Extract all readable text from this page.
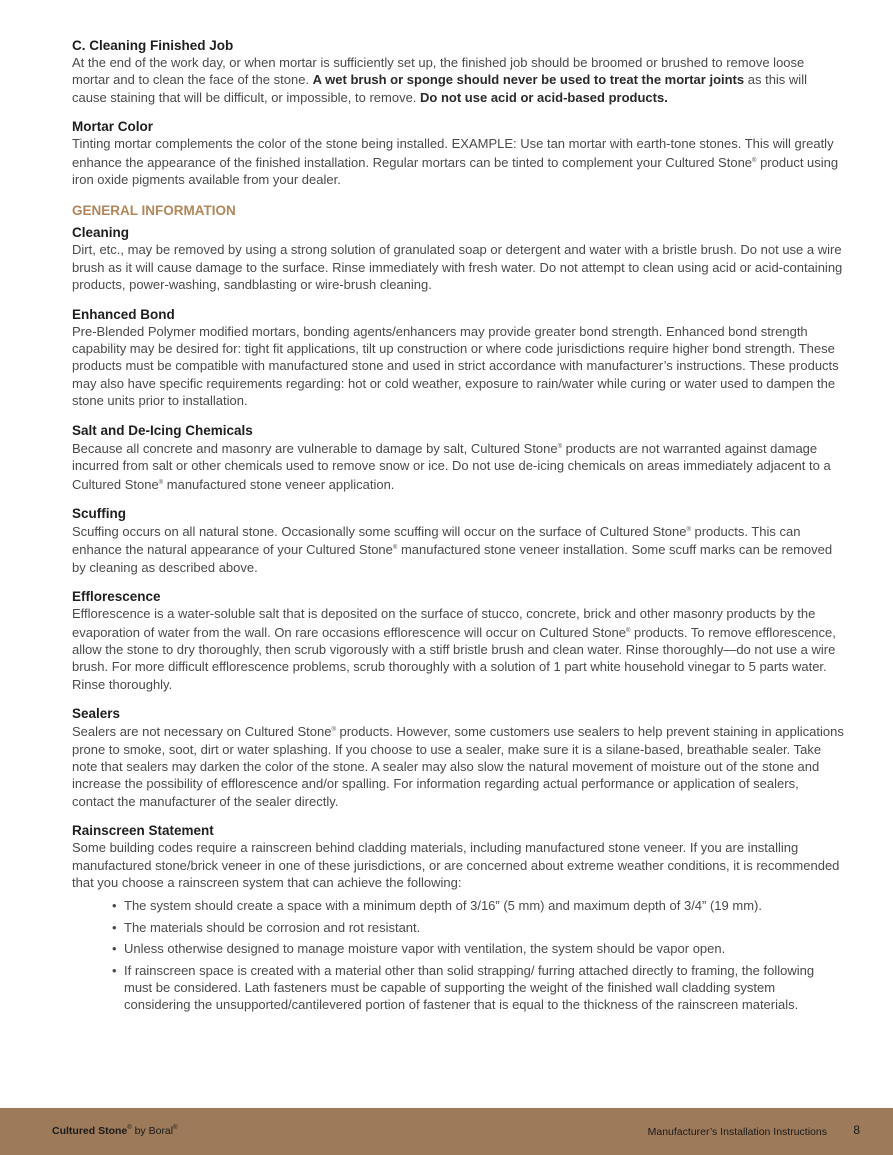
C. Cleaning Finished Job
At the end of the work day, or when mortar is sufficiently set up, the finished job should be broomed or brushed to remove loose mortar and to clean the face of the stone. A wet brush or sponge should never be used to treat the mortar joints as this will cause staining that will be difficult, or impossible, to remove. Do not use acid or acid-based products.
Mortar Color
Tinting mortar complements the color of the stone being installed. EXAMPLE: Use tan mortar with earth-tone stones. This will greatly enhance the appearance of the finished installation. Regular mortars can be tinted to complement your Cultured Stone® product using iron oxide pigments available from your dealer.
GENERAL INFORMATION
Cleaning
Dirt, etc., may be removed by using a strong solution of granulated soap or detergent and water with a bristle brush. Do not use a wire brush as it will cause damage to the surface. Rinse immediately with fresh water. Do not attempt to clean using acid or acid-containing products, power-washing, sandblasting or wire-brush cleaning.
Enhanced Bond
Pre-Blended Polymer modified mortars, bonding agents/enhancers may provide greater bond strength. Enhanced bond strength capability may be desired for: tight fit applications, tilt up construction or where code jurisdictions require higher bond strength. These products must be compatible with manufactured stone and used in strict accordance with manufacturer’s instructions. These products may also have specific requirements regarding: hot or cold weather, exposure to rain/water while curing or water used to dampen the stone units prior to installation.
Salt and De-Icing Chemicals
Because all concrete and masonry are vulnerable to damage by salt, Cultured Stone® products are not warranted against damage incurred from salt or other chemicals used to remove snow or ice. Do not use de-icing chemicals on areas immediately adjacent to a Cultured Stone® manufactured stone veneer application.
Scuffing
Scuffing occurs on all natural stone. Occasionally some scuffing will occur on the surface of Cultured Stone® products. This can enhance the natural appearance of your Cultured Stone® manufactured stone veneer installation. Some scuff marks can be removed by cleaning as described above.
Efflorescence
Efflorescence is a water-soluble salt that is deposited on the surface of stucco, concrete, brick and other masonry products by the evaporation of water from the wall. On rare occasions efflorescence will occur on Cultured Stone® products. To remove efflorescence, allow the stone to dry thoroughly, then scrub vigorously with a stiff bristle brush and clean water. Rinse thoroughly—do not use a wire brush. For more difficult efflorescence problems, scrub thoroughly with a solution of 1 part white household vinegar to 5 parts water. Rinse thoroughly.
Sealers
Sealers are not necessary on Cultured Stone® products. However, some customers use sealers to help prevent staining in applications prone to smoke, soot, dirt or water splashing. If you choose to use a sealer, make sure it is a silane-based, breathable sealer. Take note that sealers may darken the color of the stone. A sealer may also slow the natural movement of moisture out of the stone and increase the possibility of efflorescence and/or spalling. For information regarding actual performance or application of sealers, contact the manufacturer of the sealer directly.
Rainscreen Statement
Some building codes require a rainscreen behind cladding materials, including manufactured stone veneer. If you are installing manufactured stone/brick veneer in one of these jurisdictions, or are concerned about extreme weather conditions, it is recommended that you choose a rainscreen system that can achieve the following:
• The system should create a space with a minimum depth of 3/16” (5 mm) and maximum depth of 3/4” (19 mm).
• The materials should be corrosion and rot resistant.
• Unless otherwise designed to manage moisture vapor with ventilation, the system should be vapor open.
• If rainscreen space is created with a material other than solid strapping/ furring attached directly to framing, the following must be considered. Lath fasteners must be capable of supporting the weight of the finished wall cladding system considering the unsupported/cantilevered portion of fastener that is equal to the thickness of the rainscreen materials.
Cultured Stone® by Boral®	Manufacturer’s Installation Instructions 8
